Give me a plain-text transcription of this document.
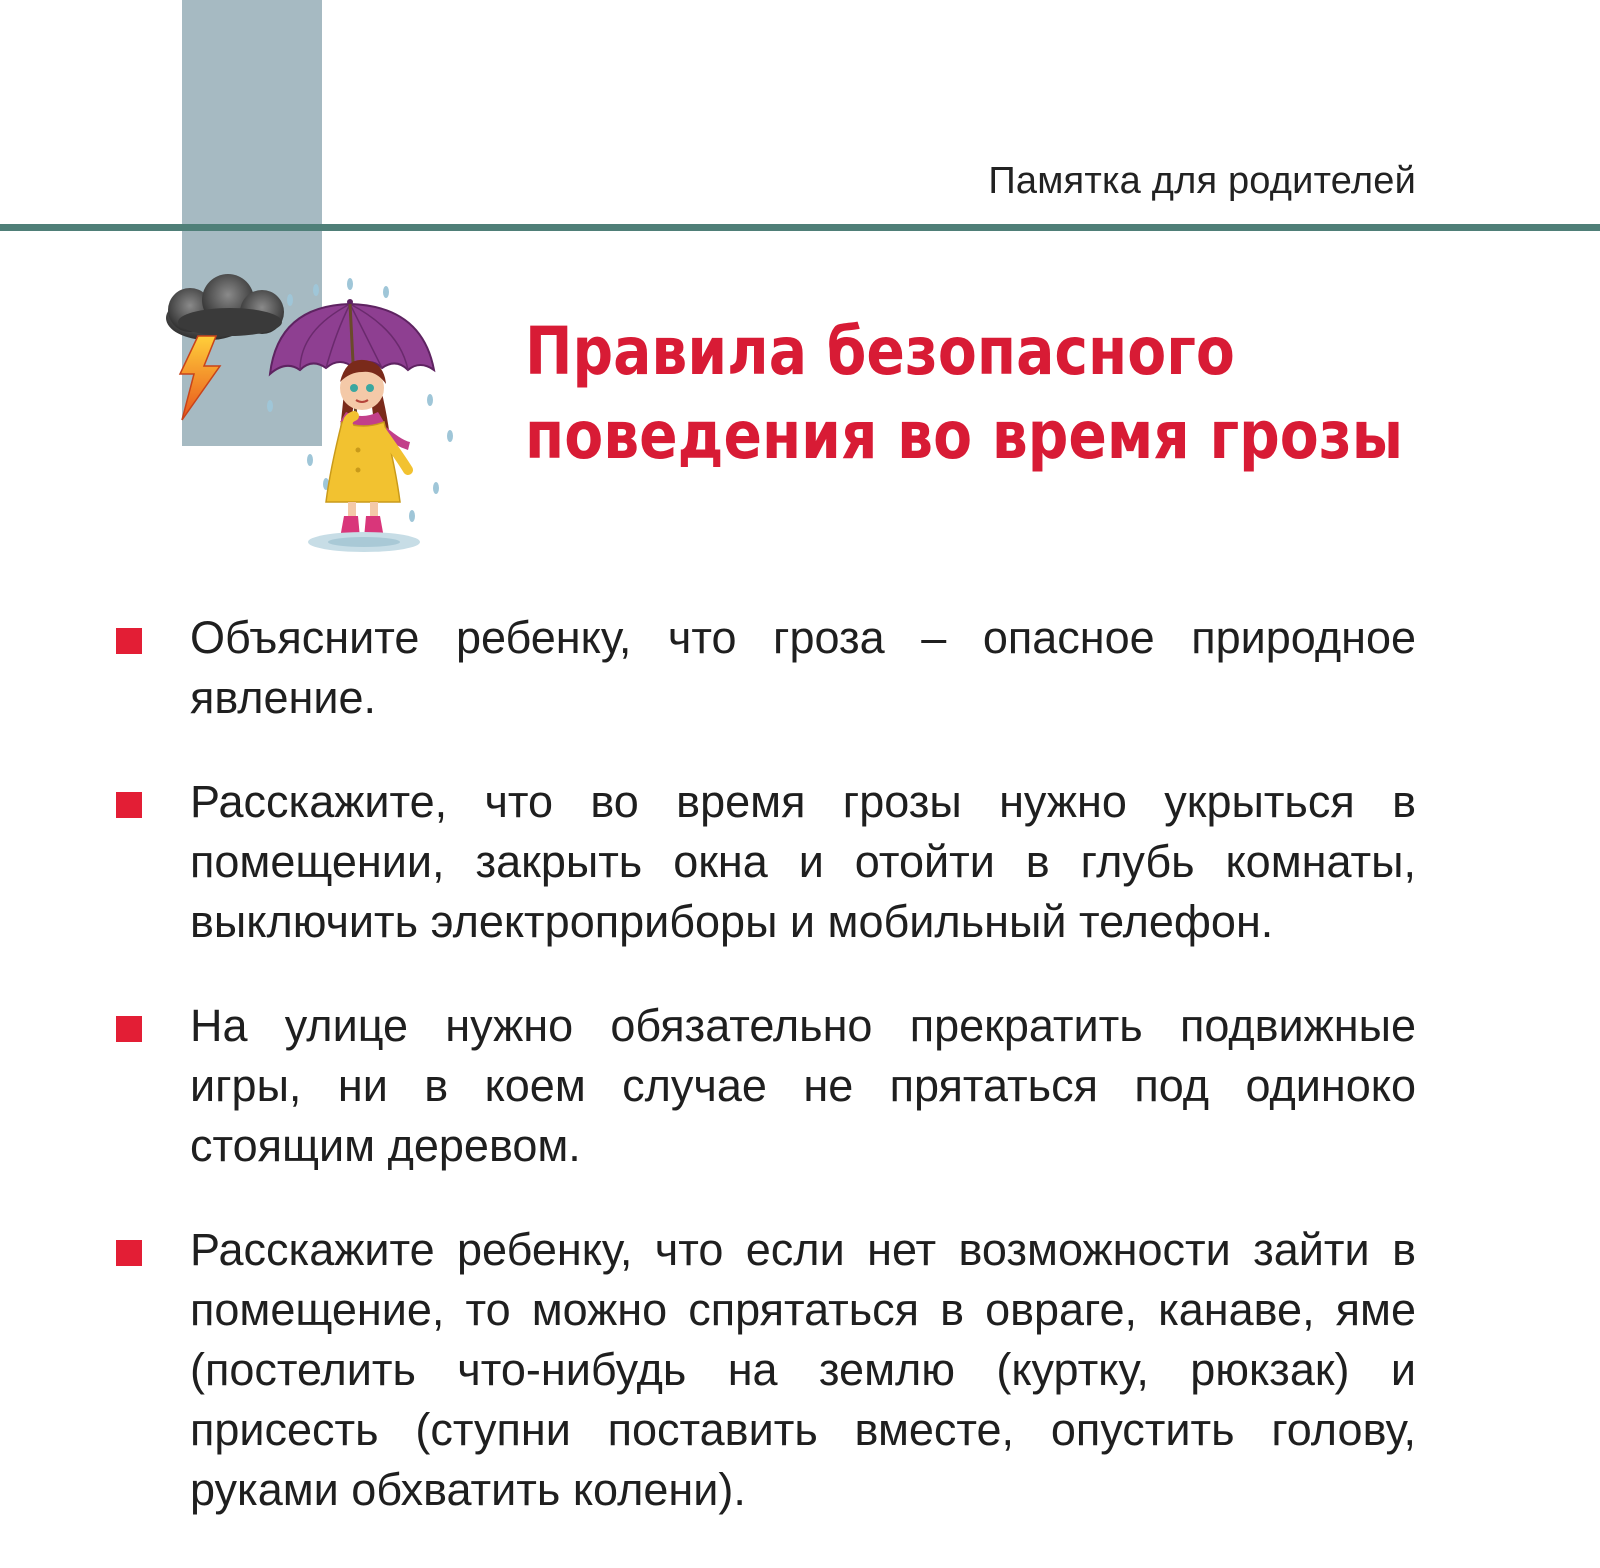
Памятка для родителей
Правила безопасного
поведения во время грозы
Объясните ребенку, что гроза – опасное природное явление.
Расскажите, что во время грозы нужно укрыться в помещении, закрыть окна и отойти в глубь комнаты, выключить электроприборы и мобильный телефон.
На улице нужно обязательно прекратить подвижные игры, ни в коем случае не прятаться под одиноко стоящим деревом.
Расскажите ребенку, что если нет возможности зайти в помещение, то можно спрятаться в овраге, канаве, яме (постелить что-нибудь на землю (куртку, рюкзак) и присесть (ступни поставить вместе, опустить голову, руками обхватить колени).
